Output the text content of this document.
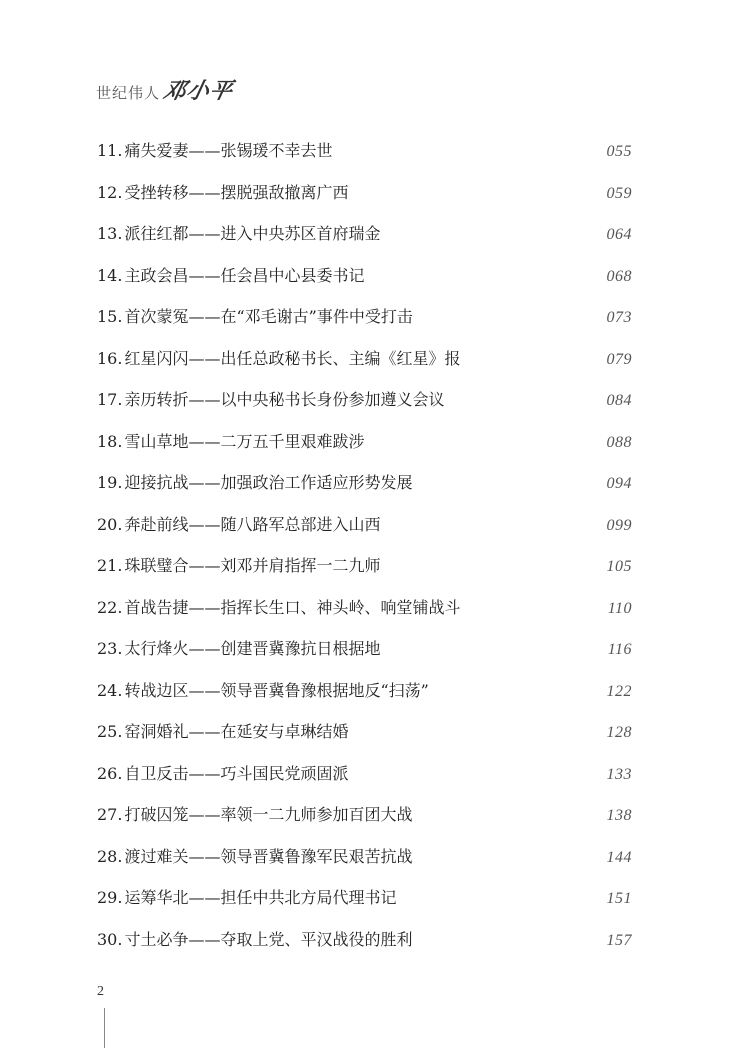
世纪伟人 邓小平
11. 痛失爱妻——张锡瑗不幸去世	055
12. 受挫转移——摆脱强敌撤离广西	059
13. 派往红都——进入中央苏区首府瑞金	064
14. 主政会昌——任会昌中心县委书记	068
15. 首次蒙冤——在“邓毛谢古”事件中受打击	073
16. 红星闪闪——出任总政秘书长、主编《红星》报	079
17. 亲历转折——以中央秘书长身份参加遵义会议	084
18. 雪山草地——二万五千里艰难跋涉	088
19. 迎接抗战——加强政治工作适应形势发展	094
20. 奔赴前线——随八路军总部进入山西	099
21. 珠联璧合——刘邓并肩指挥一二九师	105
22. 首战告捷——指挥长生口、神头岭、响堂铺战斗	110
23. 太行烽火——创建晋冀豫抗日根据地	116
24. 转战边区——领导晋冀鲁豫根据地反“扫荡”	122
25. 窑洞婚礼——在延安与卓琳结婚	128
26. 自卫反击——巧斗国民党顽固派	133
27. 打破囚笼——率领一二九师参加百团大战	138
28. 渡过难关——领导晋冀鲁豫军民艰苦抗战	144
29. 运筹华北——担任中共北方局代理书记	151
30. 寸土必争——夺取上党、平汉战役的胜利	157
2
